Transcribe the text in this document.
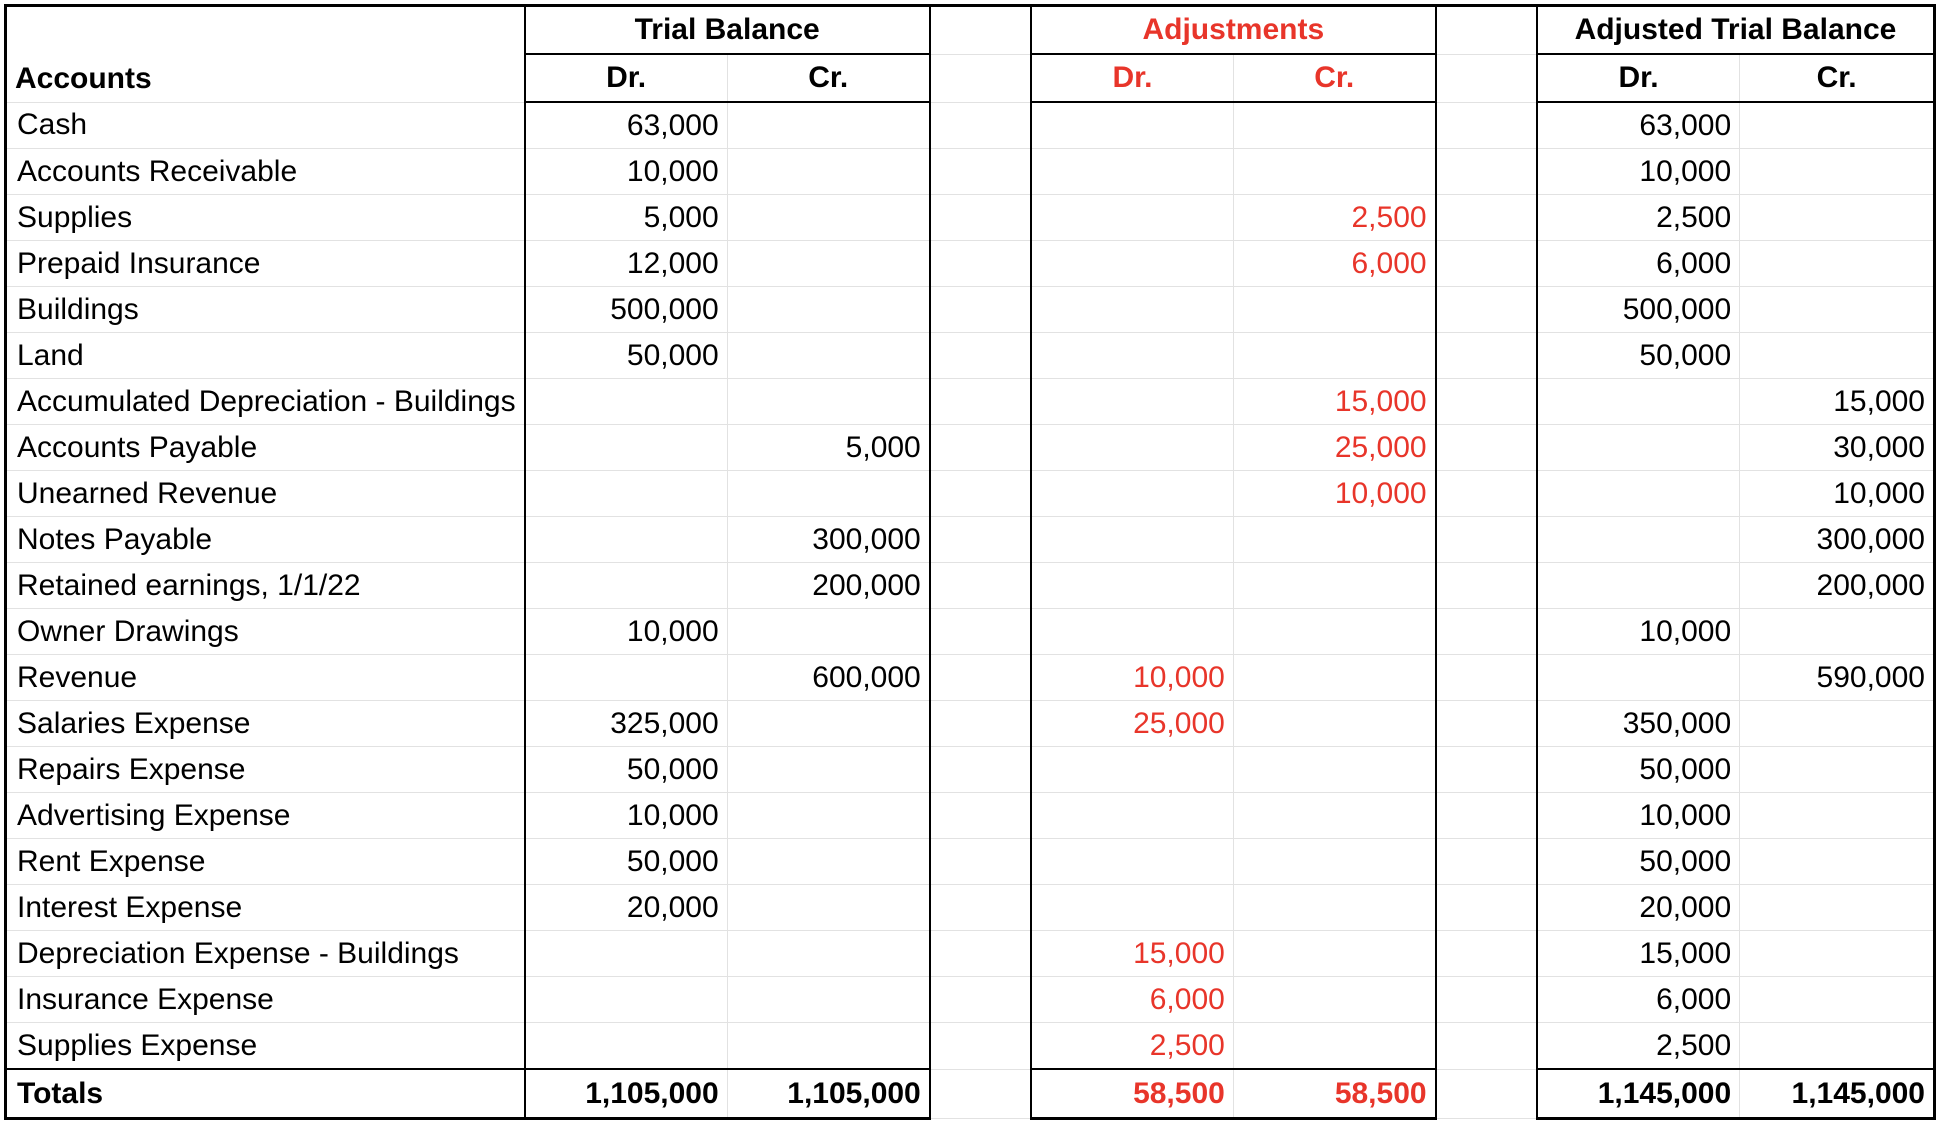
Accounts	Trial Balance			Adjustments			Adjusted Trial Balance	
	Dr.	Cr.		Dr.	Cr.		Dr.	Cr.
Cash	63,000						63,000	
Accounts Receivable	10,000						10,000	
Supplies	5,000				2,500		2,500	
Prepaid Insurance	12,000				6,000		6,000	
Buildings	500,000						500,000	
Land	50,000						50,000	
Accumulated Depreciation - Buildings					15,000			15,000
Accounts Payable		5,000			25,000			30,000
Unearned Revenue					10,000			10,000
Notes Payable		300,000						300,000
Retained earnings, 1/1/22		200,000						200,000
Owner Drawings	10,000						10,000	
Revenue		600,000		10,000				590,000
Salaries Expense	325,000			25,000			350,000	
Repairs Expense	50,000						50,000	
Advertising Expense	10,000						10,000	
Rent Expense	50,000						50,000	
Interest Expense	20,000						20,000	
Depreciation Expense - Buildings				15,000			15,000	
Insurance Expense				6,000			6,000	
Supplies Expense				2,500			2,500	
Totals	1,105,000	1,105,000		58,500	58,500		1,145,000	1,145,000
